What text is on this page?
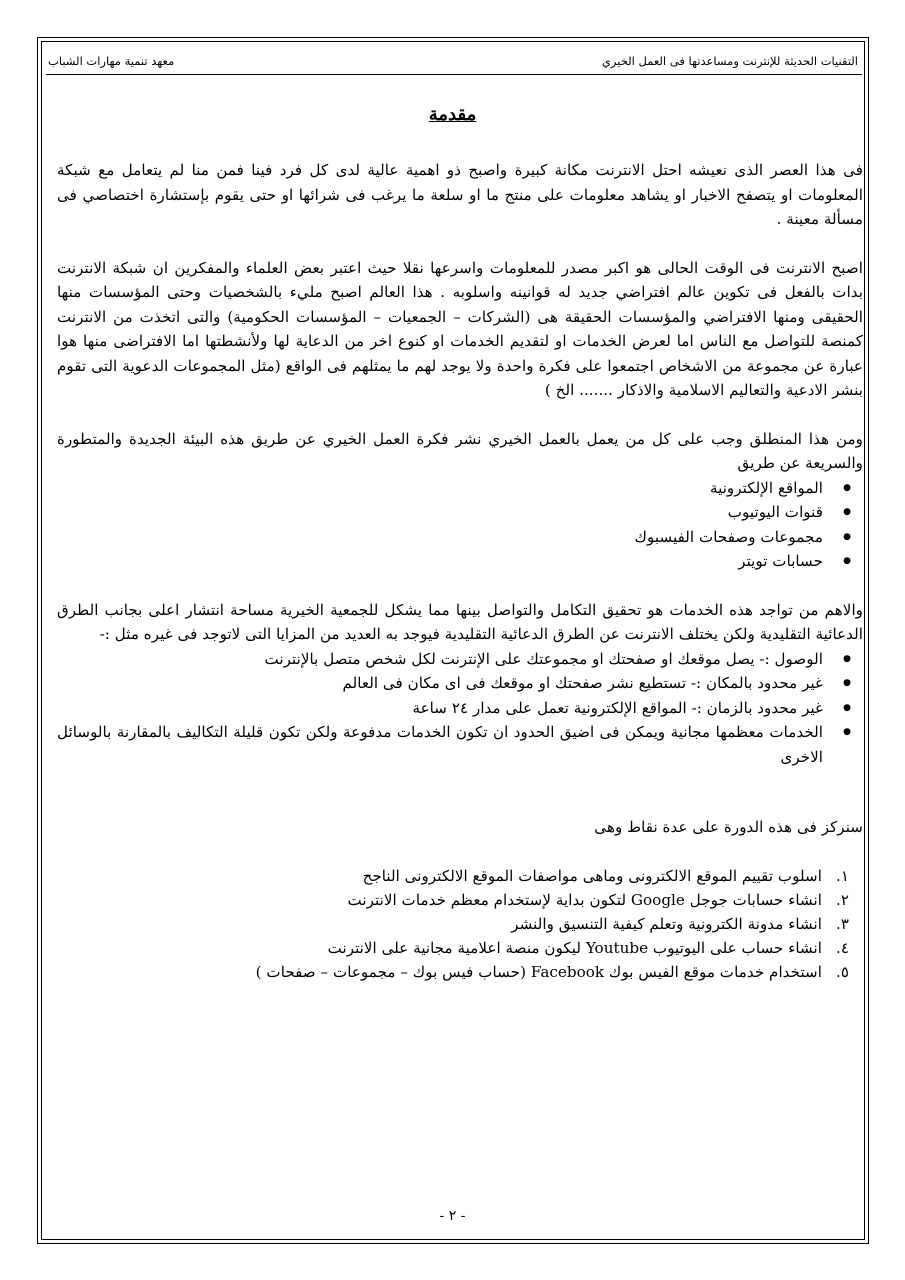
التقنيات الحديثة للإنترنت ومساعدتها فى العمل الخيري
معهد تنمية مهارات الشباب
مقدمة

فى هذا العصر الذى نعيشه احتل الانترنت مكانة كبيرة واصبح ذو اهمية عالية لدى كل فرد فينا فمن منا لم يتعامل مع شبكة المعلومات او يتصفح الاخبار او يشاهد معلومات على منتج ما او سلعة ما يرغب فى شرائها او حتى يقوم بإستشارة اختصاصي فى مسألة معينة .

اصبح الانترنت فى الوقت الحالى هو اكبر مصدر للمعلومات واسرعها نقلا حيث اعتبر بعض العلماء والمفكرين ان شبكة الانترنت بدات بالفعل فى تكوين عالم افتراضي جديد له قوانينه واسلوبه . هذا العالم اصبح مليء بالشخصيات وحتى المؤسسات منها الحقيقى ومنها الافتراضي والمؤسسات الحقيقة هى (الشركات – الجمعيات – المؤسسات الحكومية) والتى اتخذت من الانترنت كمنصة للتواصل مع الناس اما لعرض الخدمات او لتقديم الخدمات او كنوع اخر من الدعاية لها ولأنشطتها اما الافتراضى منها هوا عبارة عن مجموعة من الاشخاص اجتمعوا على فكرة واحدة ولا يوجد لهم ما يمثلهم فى الواقع (مثل المجموعات الدعوية التى تقوم بنشر الادعية والتعاليم الاسلامية والاذكار ....... الخ )

ومن هذا المنطلق وجب على كل من يعمل بالعمل الخيري نشر فكرة العمل الخيري عن طريق هذه البيئة الجديدة والمتطورة والسريعة عن طريق

● المواقع الإلكترونية
● قنوات اليوتيوب
● مجموعات وصفحات الفيسبوك
● حسابات تويتر

والاهم من تواجد هذه الخدمات هو تحقيق التكامل والتواصل بينها مما يشكل للجمعية الخيرية مساحة انتشار اعلى بجانب الطرق الدعائية التقليدية ولكن يختلف الانترنت عن الطرق الدعائية التقليدية فيوجد به العديد من المزايا التى لاتوجد فى غيره مثل :-

● الوصول :- يصل موقعك او صفحتك او مجموعتك على الإنترنت لكل شخص متصل بالإنترنت
● غير محدود بالمكان :- تستطيع نشر صفحتك او موقعك فى اى مكان فى العالم
● غير محدود بالزمان :- المواقع الإلكترونية تعمل على مدار ٢٤ ساعة
● الخدمات معظمها مجانية ويمكن فى اضيق الحدود ان تكون الخدمات مدفوعة ولكن تكون قليلة التكاليف بالمقارنة بالوسائل الاخرى

سنركز فى هذه الدورة على عدة نقاط وهى

١.
اسلوب تقييم الموقع الالكترونى وماهى مواصفات الموقع الالكترونى الناجح
٢.
انشاء حسابات جوجل Google لتكون بداية لإستخدام معظم خدمات الانترنت
٣.
انشاء مدونة الكترونية وتعلم كيفية التنسيق والنشر
٤.
انشاء حساب على اليوتيوب Youtube ليكون منصة اعلامية مجانية على الانترنت
٥.
استخدام خدمات موقع الفيس بوك Facebook (حساب فيس بوك – مجموعات – صفحات )
- ٢ -
